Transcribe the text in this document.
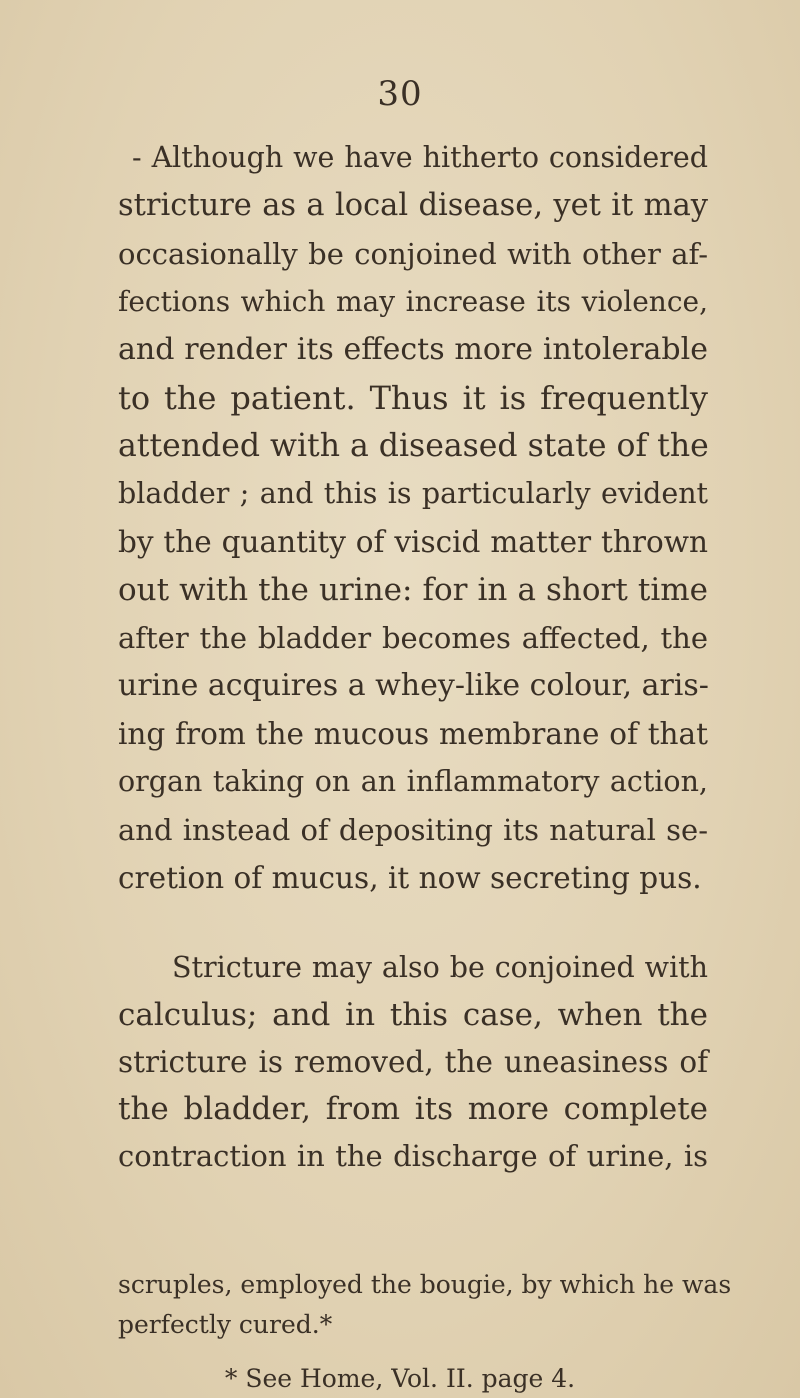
30
- Although we have hitherto considered
stricture as a local disease, yet it may
occasionally be conjoined with other af-
fections which may increase its violence,
and render its effects more intolerable
to the patient. Thus it is frequently
attended with a diseased state of the
bladder ; and this is particularly evident
by the quantity of viscid matter thrown
out with the urine: for in a short time
after the bladder becomes affected, the
urine acquires a whey-like colour, aris-
ing from the mucous membrane of that
organ taking on an inflammatory action,
and instead of depositing its natural se-
cretion of mucus, it now secreting pus.
Stricture may also be conjoined with
calculus; and in this case, when the
stricture is removed, the uneasiness of
the bladder, from its more complete
contraction in the discharge of urine, is
scruples, employed the bougie, by which he was
perfectly cured.*
* See Home, Vol. II. page 4.
